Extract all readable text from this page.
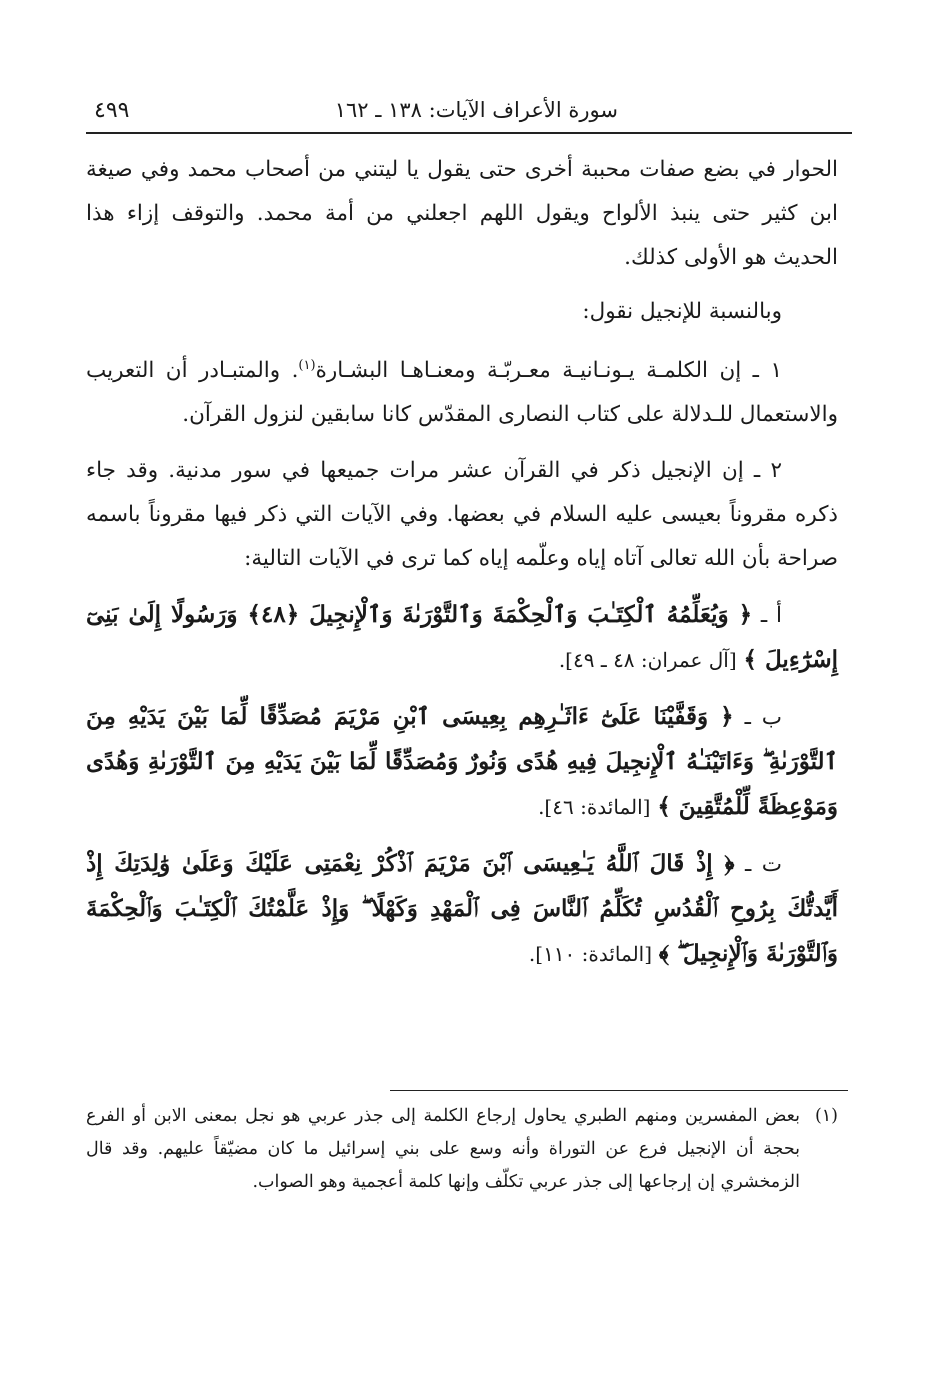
سورة الأعراف الآيات: ١٣٨ ـ ١٦٢
٤٩٩

الحوار في بضع صفات محببة أخرى حتى يقول يا ليتني من أصحاب محمد وفي صيغة ابن كثير حتى ينبذ الألواح ويقول اللهم اجعلني من أمة محمد. والتوقف إزاء هذا الحديث هو الأولى كذلك.

وبالنسبة للإنجيل نقول:

١ ـ إن الكلمـة يـونـانيـة معـربّـة ومعنـاهـا البشـارة$^{(١)}$. والمتبـادر أن التعريب والاستعمال للـدلالة على كتاب النصارى المقدّس كانا سابقين لنزول القرآن.

٢ ـ إن الإنجيل ذكر في القرآن عشر مرات جميعها في سور مدنية. وقد جاء ذكره مقروناً بعيسى عليه السلام في بعضها. وفي الآيات التي ذكر فيها مقروناً باسمه صراحة بأن الله تعالى آتاه إياه وعلّمه إياه كما ترى في الآيات التالية:

أ ـ ﴿ وَيُعَلِّمُهُ ٱلْكِتَـٰبَ وَٱلْحِكْمَةَ وَٱلتَّوْرَىٰةَ وَٱلْإِنجِيلَ ﴿٤٨﴾ وَرَسُولًا إِلَىٰ بَنِىٓ إِسْرَٰٓءِيلَ ﴾ [آل عمران: ٤٨ ـ ٤٩].

ب ـ ﴿ وَقَفَّيْنَا عَلَىٰٓ ءَاثَـٰرِهِم بِعِيسَى ٱبْنِ مَرْيَمَ مُصَدِّقًا لِّمَا بَيْنَ يَدَيْهِ مِنَ ٱلتَّوْرَىٰةِ ۖ وَءَاتَيْنَـٰهُ ٱلْإِنجِيلَ فِيهِ هُدًى وَنُورٌ وَمُصَدِّقًا لِّمَا بَيْنَ يَدَيْهِ مِنَ ٱلتَّوْرَىٰةِ وَهُدًى وَمَوْعِظَةً لِّلْمُتَّقِينَ ﴾ [المائدة: ٤٦].

ت ـ ﴿ إِذْ قَالَ ٱللَّهُ يَـٰعِيسَى ٱبْنَ مَرْيَمَ ٱذْكُرْ نِعْمَتِى عَلَيْكَ وَعَلَىٰ وَٰلِدَتِكَ إِذْ أَيَّدتُّكَ بِرُوحِ ٱلْقُدُسِ تُكَلِّمُ ٱلنَّاسَ فِى ٱلْمَهْدِ وَكَهْلًا ۖ وَإِذْ عَلَّمْتُكَ ٱلْكِتَـٰبَ وَٱلْحِكْمَةَ وَٱلتَّوْرَىٰةَ وَٱلْإِنجِيلَ ۖ ﴾ [المائدة: ١١٠].

(١)
بعض المفسرين ومنهم الطبري يحاول إرجاع الكلمة إلى جذر عربي هو نجل بمعنى الابن أو الفرع بحجة أن الإنجيل فرع عن التوراة وأنه وسع على بني إسرائيل ما كان مضيّقاً عليهم. وقد قال الزمخشري إن إرجاعها إلى جذر عربي تكلّف وإنها كلمة أعجمية وهو الصواب.
